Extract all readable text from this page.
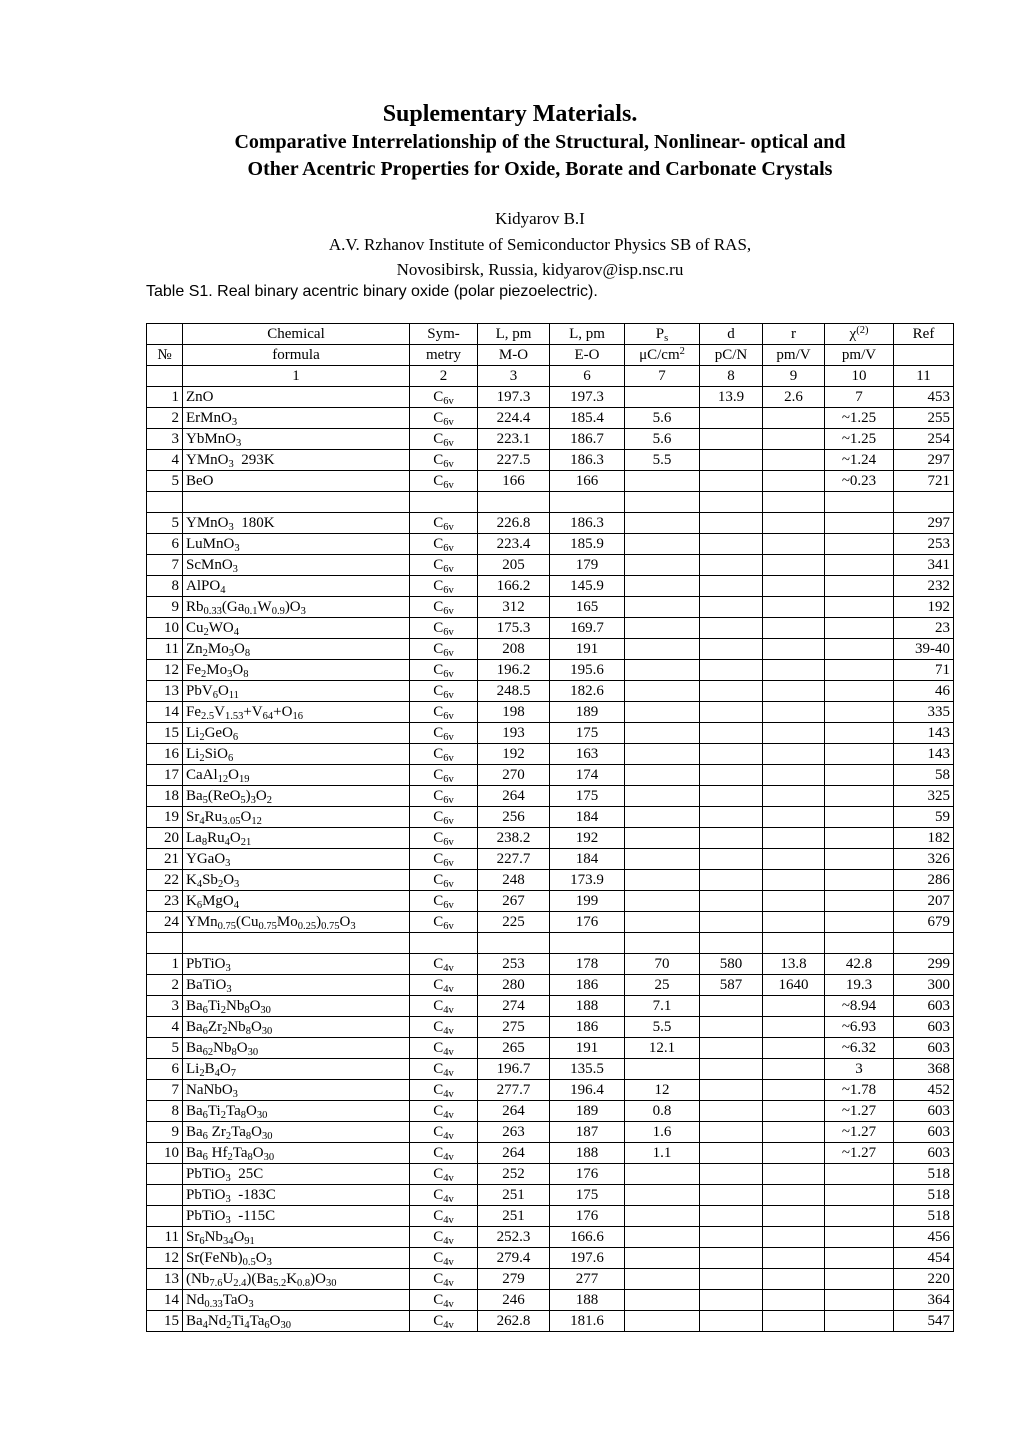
Suplementary Materials.
Comparative Interrelationship of the Structural, Nonlinear- optical and
Other Acentric Properties for Oxide, Borate and Carbonate Crystals
Kidyarov B.I
A.V. Rzhanov Institute of Semiconductor Physics SB of RAS,
Novosibirsk, Russia, kidyarov@isp.nsc.ru
Table S1. Real binary acentric binary oxide (polar piezoelectric).
	Chemical	Sym-	L, pm	L, pm	$P_s$	d	r	$\chi^{(2)}$	Ref
№	formula	metry	M-O	E-O	$\mu C/cm^2$	pC/N	pm/V	pm/V	
	1	2	3	6	7	8	9	10	11
1	ZnO	$C_{6v}$	197.3	197.3		13.9	2.6	7	453
2	ErMnO$_3$	$C_{6v}$	224.4	185.4	5.6			~1.25	255
3	YbMnO$_3$	$C_{6v}$	223.1	186.7	5.6			~1.25	254
4	YMnO$_3$  293K	$C_{6v}$	227.5	186.3	5.5			~1.24	297
5	BeO	$C_{6v}$	166	166				~0.23	721

5	YMnO$_3$  180K	$C_{6v}$	226.8	186.3					297
6	LuMnO$_3$	$C_{6v}$	223.4	185.9					253
7	ScMnO$_3$	$C_{6v}$	205	179					341
8	AlPO$_4$	$C_{6v}$	166.2	145.9					232
9	$Rb_{0.33}(Ga_{0.1}W_{0.9})O_3$	$C_{6v}$	312	165					192
10	$Cu_2WO_4$	$C_{6v}$	175.3	169.7					23
11	$Zn_2Mo_3O_8$	$C_{6v}$	208	191					39-40
12	$Fe_2Mo_3O_8$	$C_{6v}$	196.2	195.6					71
13	$PbV_6O_{11}$	$C_{6v}$	248.5	182.6					46
14	$Fe_{2.5}V_{1.53}+V_{64}+O_{16}$	$C_{6v}$	198	189					335
15	$Li_2GeO_6$	$C_{6v}$	193	175					143
16	$Li_2SiO_6$	$C_{6v}$	192	163					143
17	$CaAl_{12}O_{19}$	$C_{6v}$	270	174					58
18	$Ba_5(ReO_5)_3O_2$	$C_{6v}$	264	175					325
19	$Sr_4Ru_{3.05}O_{12}$	$C_{6v}$	256	184					59
20	$La_8Ru_4O_{21}$	$C_{6v}$	238.2	192					182
21	YGaO$_3$	$C_{6v}$	227.7	184					326
22	$K_4Sb_2O_3$	$C_{6v}$	248	173.9					286
23	$K_6MgO_4$	$C_{6v}$	267	199					207
24	$YMn_{0.75}(Cu_{0.75}Mo_{0.25})_{0.75}O_3$	$C_{6v}$	225	176					679

1	PbTiO$_3$	$C_{4v}$	253	178	70	580	13.8	42.8	299
2	BaTiO$_3$	$C_{4v}$	280	186	25	587	1640	19.3	300
3	$Ba_6Ti_2Nb_8O_{30}$	$C_{4v}$	274	188	7.1			~8.94	603
4	$Ba_6Zr_2Nb_8O_{30}$	$C_{4v}$	275	186	5.5			~6.93	603
5	$Ba_{62}Nb_8O_{30}$	$C_{4v}$	265	191	12.1			~6.32	603
6	$Li_2B_4O_7$	$C_{4v}$	196.7	135.5				3	368
7	NaNbO$_3$	$C_{4v}$	277.7	196.4	12			~1.78	452
8	$Ba_6Ti_2Ta_8O_{30}$	$C_{4v}$	264	189	0.8			~1.27	603
9	$Ba_6$ $Zr_2Ta_8O_{30}$	$C_{4v}$	263	187	1.6			~1.27	603
10	$Ba_6$ $Hf_2Ta_8O_{30}$	$C_{4v}$	264	188	1.1			~1.27	603
	PbTiO$_3$  25C	$C_{4v}$	252	176					518
	PbTiO$_3$  -183C	$C_{4v}$	251	175					518
	PbTiO$_3$  -115C	$C_{4v}$	251	176					518
11	$Sr_6Nb_{34}O_{91}$	$C_{4v}$	252.3	166.6					456
12	$Sr(FeNb)_{0.5}O_3$	$C_{4v}$	279.4	197.6					454
13	$(Nb_{7.6}U_{2.4})(Ba_{5.2}K_{0.8})O_{30}$	$C_{4v}$	279	277					220
14	$Nd_{0.33}TaO_3$	$C_{4v}$	246	188					364
15	$Ba_4Nd_2Ti_4Ta_6O_{30}$	$C_{4v}$	262.8	181.6					547
